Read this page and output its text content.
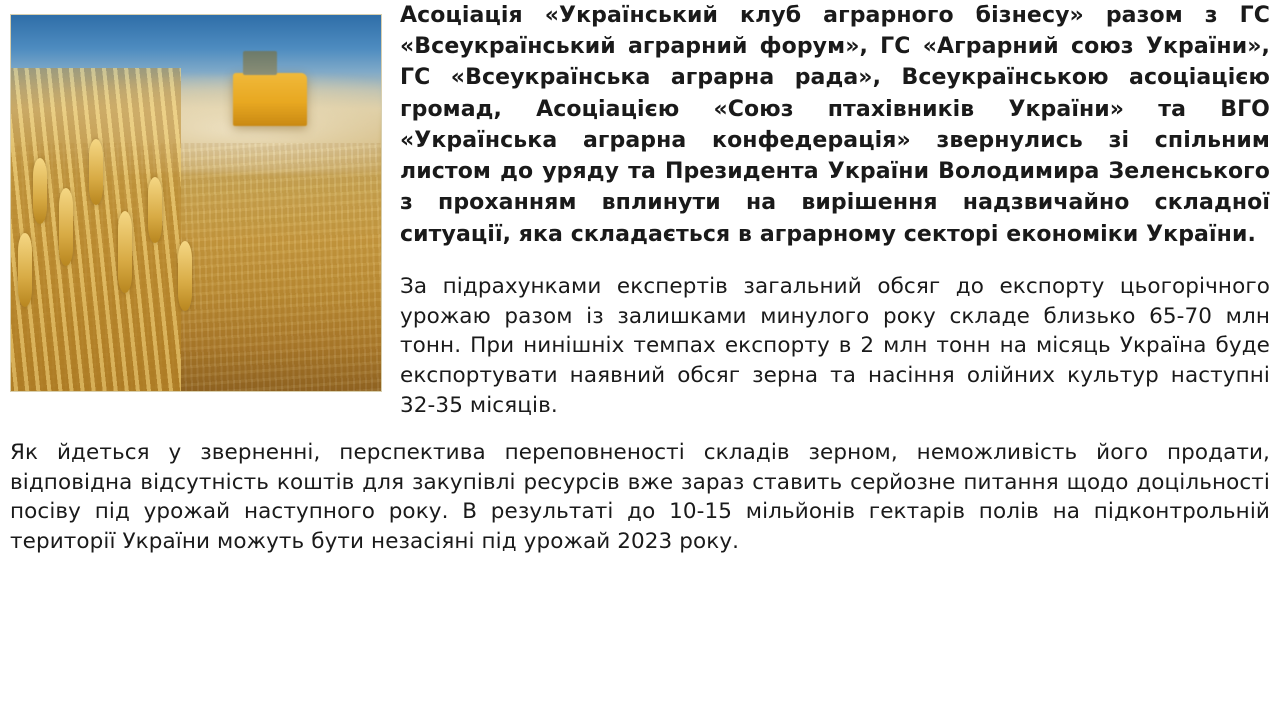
Асоціація «Український клуб аграрного бізнесу» разом з ГС «Всеукраїнський аграрний форум», ГС «Аграрний союз України», ГС «Всеукраїнська аграрна рада», Всеукраїнською асоціацією громад, Асоціацією «Союз птахівників України» та ВГО «Українська аграрна конфедерація» звернулись зі спільним листом до уряду та Президента України Володимира Зеленського з проханням вплинути на вирішення надзвичайно складної ситуації, яка складається в аграрному секторі економіки України.

За підрахунками експертів загальний обсяг до експорту цьогорічного урожаю разом із залишками минулого року складе близько 65-70 млн тонн. При нинішніх темпах експорту в 2 млн тонн на місяць Україна буде експортувати наявний обсяг зерна та насіння олійних культур наступні 32-35 місяців.

Як йдеться у зверненні, перспектива переповненості складів зерном, неможливість його продати, відповідна відсутність коштів для закупівлі ресурсів вже зараз ставить серйозне питання щодо доцільності посіву під урожай наступного року. В результаті до 10-15 мільйонів гектарів полів на підконтрольній території України можуть бути незасіяні під урожай 2023 року.
